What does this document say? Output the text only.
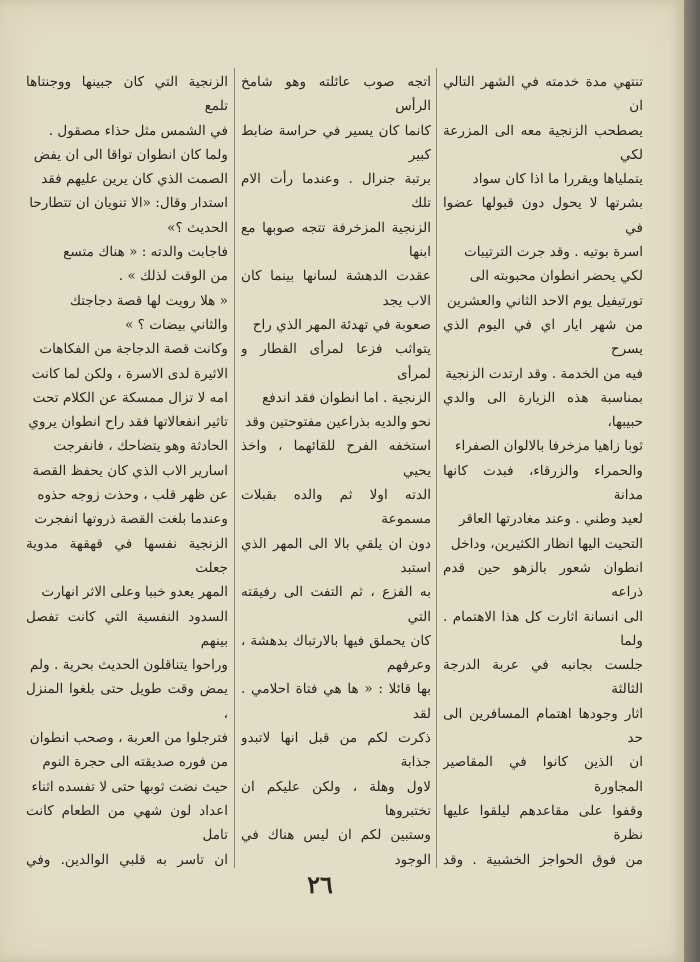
تنتهي مدة خدمته في الشهر التالي ان
يصطحب الزنجية معه الى المزرعة لكي
يتملياها ويقررا ما اذا كان سواد
بشرتها لا يحول دون قبولها عضوا في
اسرة بوتيه . وقد جرت الترتيبات
لكي يحضر انطوان محبوبته الى
تورتيفيل يوم الاحد الثاني والعشرين
من شهر ايار اي في اليوم الذي يسرح
فيه من الخدمة . وقد ارتدت الزنجية
بمناسبة هذه الزيارة الى والدي حبيبها،
ثوبا زاهيا مزخرفا بالالوان الصفراء
والحمراء والزرقاء، فبدت كانها مدانة
لعيد وطني . وعند مغادرتها العاقر
التحيت اليها انظار الكثيرين، وداخل
انطوان شعور بالزهو حين قدم ذراعه
الى انسانة اثارت كل هذا الاهتمام . ولما
جلست بجانبه في عربة الدرجة الثالثة
اثار وجودها اهتمام المسافرين الى حد
ان الذين كانوا في المقاصير المجاورة
وقفوا على مقاعدهم ليلقوا عليها نظرة
من فوق الحواجز الخشبية . وقد

اتجه صوب عائلته وهو شامخ الرأس
كانما كان يسير في حراسة ضابط كبير
برتبة جنرال . وعندما رأت الام تلك
الزنجية المزخرفة تتجه صوبها مع ابنها
عقدت الدهشة لسانها بينما كان الاب يجد
صعوبة في تهدئة المهر الذي راح
يتواثب فزعا لمرأى القطار و لمرأى
الزنجية . اما انطوان فقد اندفع
نحو والديه بذراعين مفتوحتين وقد
استخفه الفرح للقائهما ، واخذ يحيي
الدته اولا ثم والده بقبلات مسموعة
دون ان يلقي بالا الى المهر الذي استبد
به الفزع ، ثم التفت الى رفيقته التي
كان يحملق فيها بالارتباك بدهشة ، وعرفهم
بها قائلا : « ها هي فتاة احلامي . لقد
ذكرت لكم من قبل انها لاتبدو جذابة
لاول وهلة ، ولكن عليكم ان تختبروها
وستبين لكم ان ليس هناك في الوجود

الزنجية التي كان جبينها ووجنتاها تلمع
في الشمس مثل حذاء مصقول .
ولما كان انطوان تواقا الى ان يفض
الصمت الذي كان يرين عليهم فقد
استدار وقال: «الا تنويان ان تتطارحا
الحديث ؟»
فاجابت والدته : « هناك متسع
من الوقت لذلك » .
« هلا رويت لها قصة دجاجتك
والثاني بيضات ؟ »
وكانت قصة الدجاجة من الفكاهات
الاثيرة لدى الاسرة ، ولكن لما كانت
امه لا تزال ممسكة عن الكلام تحت
تاثير انفعالاتها فقد راح انطوان يروي
الحادثة وهو يتضاحك ، فانفرجت
اسارير الاب الذي كان يحفظ القصة
عن ظهر قلب ، وحذت زوجه حذوه
وعندما بلغت القصة ذروتها انفجرت
الزنجية نفسها في قهقهة مدوية جعلت
المهر يعدو خببا وعلى الاثر انهارت
السدود النفسية التي كانت تفصل بينهم
وراحوا يتناقلون الحديث بحرية . ولم
يمض وقت طويل حتى بلغوا المنزل ،
فترجلوا من العربة ، وصحب انطوان
من فوره صديقته الى حجرة النوم
حيث نضت ثوبها حتى لا تفسده اثناء
اعداد لون شهي من الطعام كانت تامل
ان تاسر به قلبي الوالدين. وفي

٢٦
